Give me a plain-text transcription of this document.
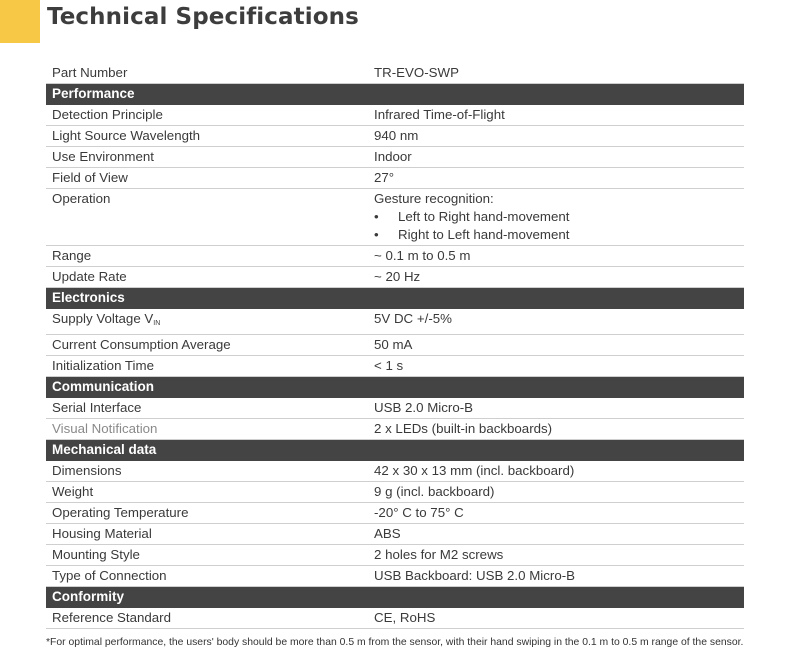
Technical Specifications
Part Number	TR-EVO-SWP
Performance	
Detection Principle	Infrared Time-of-Flight
Light Source Wavelength	940 nm
Use Environment	Indoor
Field of View	27°
Operation	Gesture recognition:
• Left to Right hand-movement
• Right to Left hand-movement

Range	~ 0.1 m to 0.5 m
Update Rate	~ 20 Hz
Electronics	
Supply Voltage $V_{IN}$	5V DC +/-5%
Current Consumption Average	50 mA
Initialization Time	< 1 s
Communication	
Serial Interface	USB 2.0 Micro-B
Visual Notification	2 x LEDs (built-in backboards)
Mechanical data	
Dimensions	42 x 30 x 13 mm (incl. backboard)
Weight	9 g (incl. backboard)
Operating Temperature	-20° C to 75° C
Housing Material	ABS
Mounting Style	2 holes for M2 screws
Type of Connection	USB Backboard: USB 2.0 Micro-B
Conformity	
Reference Standard	CE, RoHS

*For optimal performance, the users' body should be more than 0.5 m from the sensor, with their hand swiping in the 0.1 m to 0.5 m range of the sensor.
